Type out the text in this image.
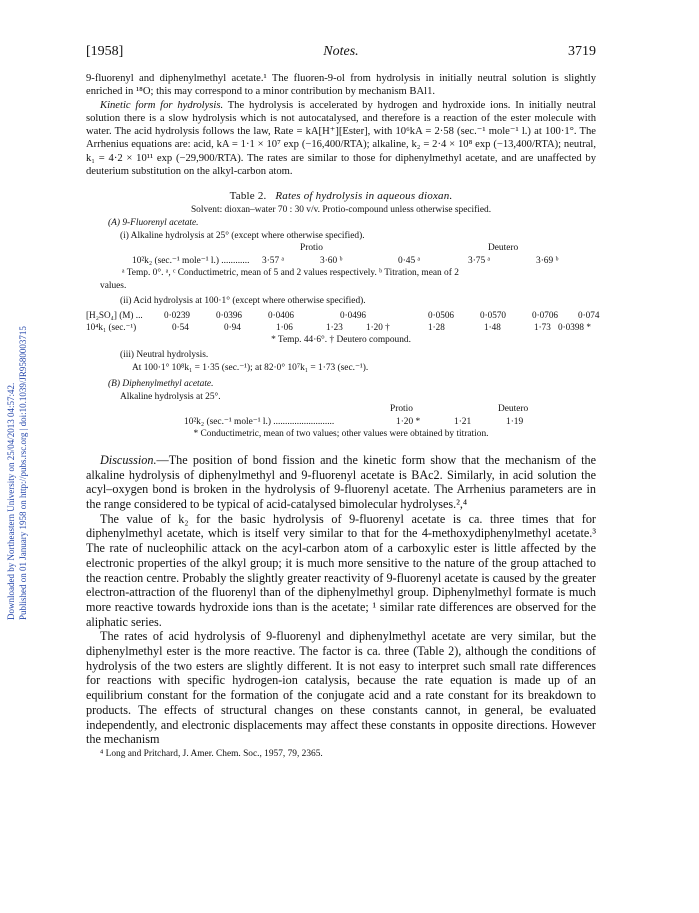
Downloaded by Northeastern University on 25/04/2013 04:57:42. Published on 01 January 1958 on http://pubs.rsc.org | doi:10.1039/JR9580003715
[1958]	Notes.	3719

9-fluorenyl and diphenylmethyl acetate.¹ The fluoren-9-ol from hydrolysis in initially neutral solution is slightly enriched in ¹⁸O; this may correspond to a minor contribution by mechanism BAl1.

Kinetic form for hydrolysis. The hydrolysis is accelerated by hydrogen and hydroxide ions. In initially neutral solution there is a slow hydrolysis which is not autocatalysed, and therefore is a reaction of the ester molecule with water. The acid hydrolysis follows the law, Rate = kA[H⁺][Ester], with 10⁶kA = 2·58 (sec.⁻¹ mole⁻¹ l.) at 100·1°. The Arrhenius equations are: acid, kA = 1·1 × 10⁷ exp (−16,400/RTA); alkaline, k₂ = 2·4 × 10⁸ exp (−13,400/RTA); neutral, k₁ = 4·2 × 10¹¹ exp (−29,900/RTA). The rates are similar to those for diphenylmethyl acetate, and are unaffected by deuterium substitution on the alkyl-carbon atom.

Table 2. Rates of hydrolysis in aqueous dioxan.
Solvent: dioxan–water 70 : 30 v/v. Protio-compound unless otherwise specified.
(A) 9-Fluorenyl acetate.
(i) Alkaline hydrolysis at 25° (except where otherwise specified).
Protio	Deutero
10²k₂ (sec.⁻¹ mole⁻¹ l.) ............ 3·57 ᵃ	3·60 ᵇ	0·45 ᵃ	3·75 ᵃ	3·69 ᵇ
ᵃ Temp. 0°. ᵃ, ᶜ Conductimetric, mean of 5 and 2 values respectively. ᵇ Titration, mean of 2
values.
(ii) Acid hydrolysis at 100·1° (except where otherwise specified).
[H₂SO₄] (M) ... 0·0239	0·0396	0·0406	0·0496	0·0506	0·0570	0·0706 0·074
10⁴k₁ (sec.⁻¹)	0·54	0·94	1·06	1·23	1·20 †	1·28	1·48	1·73 0·0398 *
* Temp. 44·6°. † Deutero compound.
(iii) Neutral hydrolysis.
At 100·1° 10⁸k₁ = 1·35 (sec.⁻¹); at 82·0° 10⁷k₁ = 1·73 (sec.⁻¹).
(B) Diphenylmethyl acetate.
Alkaline hydrolysis at 25°.
Protio	Deutero
10²k₂ (sec.⁻¹ mole⁻¹ l.) ..........................	1·20 *	1·21	1·19
* Conductimetric, mean of two values; other values were obtained by titration.

Discussion.—The position of bond fission and the kinetic form show that the mechanism of the alkaline hydrolysis of diphenylmethyl and 9-fluorenyl acetate is BAc2. Similarly, in acid solution the acyl–oxygen bond is broken in the hydrolysis of 9-fluorenyl acetate. The Arrhenius parameters are in the range considered to be typical of acid-catalysed bimolecular hydrolyses.²,⁴

The value of k₂ for the basic hydrolysis of 9-fluorenyl acetate is ca. three times that for diphenylmethyl acetate, which is itself very similar to that for the 4-methoxydiphenylmethyl acetate.³ The rate of nucleophilic attack on the acyl-carbon atom of a carboxylic ester is little affected by the electronic properties of the alkyl group; it is much more sensitive to the nature of the group attached to the reaction centre. Probably the slightly greater reactivity of 9-fluorenyl acetate is caused by the greater electron-attraction of the fluorenyl than of the diphenylmethyl group. Diphenylmethyl formate is much more reactive towards hydroxide ions than is the acetate; ¹ similar rate differences are observed for the aliphatic series.

The rates of acid hydrolysis of 9-fluorenyl and diphenylmethyl acetate are very similar, but the diphenylmethyl ester is the more reactive. The factor is ca. three (Table 2), although the conditions of hydrolysis of the two esters are slightly different. It is not easy to interpret such small rate differences for reactions with specific hydrogen-ion catalysis, because the rate equation is made up of an equilibrium constant for the formation of the conjugate acid and a rate constant for its breakdown to products. The effects of structural changes on these constants cannot, in general, be evaluated independently, and electronic displacements may affect these constants in opposite directions. However the mechanism

⁴ Long and Pritchard, J. Amer. Chem. Soc., 1957, 79, 2365.
